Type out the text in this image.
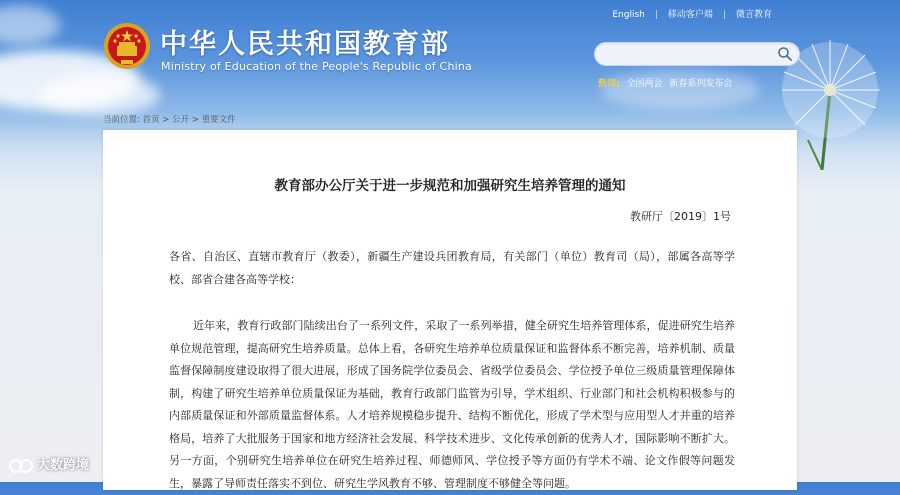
中华人民共和国教育部
Ministry of Education of the People's Republic of China
English | 移动客户端 | 微言教育
热词: 全国两会 新春系列发布会
当前位置: 首页 > 公开 > 重要文件
教育部办公厅关于进一步规范和加强研究生培养管理的通知
教研厅〔2019〕1号
各省、自治区、直辖市教育厅（教委），新疆生产建设兵团教育局，有关部门（单位）教育司（局），部属各高等学校、部省合建各高等学校：
近年来，教育行政部门陆续出台了一系列文件，采取了一系列举措，健全研究生培养管理体系，促进研究生培养单位规范管理，提高研究生培养质量。总体上看，各研究生培养单位质量保证和监督体系不断完善，培养机制、质量监督保障制度建设取得了很大进展，形成了国务院学位委员会、省级学位委员会、学位授予单位三级质量管理保障体制，构建了研究生培养单位质量保证为基础，教育行政部门监管为引导，学术组织、行业部门和社会机构积极参与的内部质量保证和外部质量监督体系。人才培养规模稳步提升、结构不断优化，形成了学术型与应用型人才并重的培养格局，培养了大批服务于国家和地方经济社会发展、科学技术进步、文化传承创新的优秀人才，国际影响不断扩大。另一方面，个别研究生培养单位在研究生培养过程、师德师风、学位授予等方面仍有学术不端、论文作假等问题发生，暴露了导师责任落实不到位、研究生学风教育不够、管理制度不够健全等问题。
大数跨境
